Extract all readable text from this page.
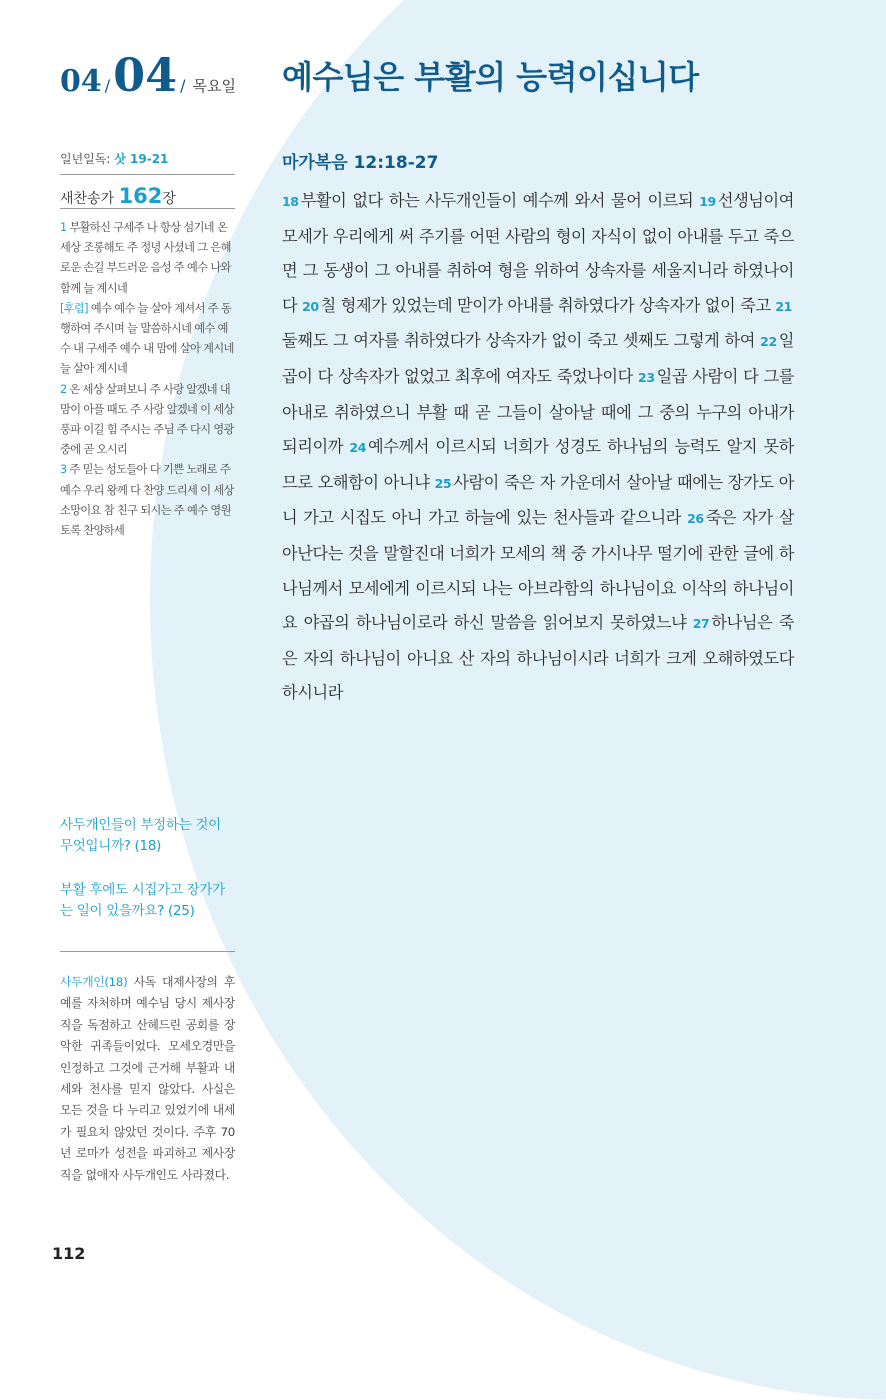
04 / 04 / 목요일 예수님은 부활의 능력이십니다
일년일독: 삿 19-21
새찬송가 162장

1 부활하신 구세주 나 항상 섬기네 온 세상 조롱해도 주 정녕 사셨네 그 은혜로운 손길 부드러운 음성 주 예수 나와 함께 늘 계시네

[후렴] 예수 예수 늘 살아 계셔서 주 동행하여 주시며 늘 말씀하시네 예수 예수 내 구세주 예수 내 맘에 살아 계시네 늘 살아 계시네

2 온 세상 살펴보니 주 사랑 알겠네 내 맘이 아플 때도 주 사랑 알겠네 이 세상 풍파 이길 힘 주시는 주님 주 다시 영광 중에 곧 오시리

3 주 믿는 성도들아 다 기쁜 노래로 주 예수 우리 왕께 다 찬양 드리세 이 세상 소망이요 참 친구 되시는 주 예수 영원토록 찬양하세

사두개인들이 부정하는 것이 무엇입니까? (18)
부활 후에도 시집가고 장가가는 일이 있을까요? (25)
사두개인(18) 사독 대제사장의 후예를 자처하며 예수님 당시 제사장직을 독점하고 산헤드린 공회를 장악한 귀족들이었다. 모세오경만을 인정하고 그것에 근거해 부활과 내세와 천사를 믿지 않았다. 사실은 모든 것을 다 누리고 있었기에 내세가 필요치 않았던 것이다. 주후 70년 로마가 성전을 파괴하고 제사장직을 없애자 사두개인도 사라졌다.
112
마가복음 12:18-27

18 부활이 없다 하는 사두개인들이 예수께 와서 물어 이르되 19 선생님이여 모세가 우리에게 써 주기를 어떤 사람의 형이 자식이 없이 아내를 두고 죽으면 그 동생이 그 아내를 취하여 형을 위하여 상속자를 세울지니라 하였나이다 20 칠 형제가 있었는데 맏이가 아내를 취하였다가 상속자가 없이 죽고 21둘째도 그 여자를 취하였다가 상속자가 없이 죽고 셋째도 그렇게 하여 22 일곱이 다 상속자가 없었고 최후에 여자도 죽었나이다 23 일곱 사람이 다 그를 아내로 취하였으니 부활 때 곧 그들이 살아날 때에 그 중의 누구의 아내가 되리이까 24 예수께서 이르시되 너희가 성경도 하나님의 능력도 알지 못하므로 오해함이 아니냐 25 사람이 죽은 자 가운데서 살아날 때에는 장가도 아니 가고 시집도 아니 가고 하늘에 있는 천사들과 같으니라 26 죽은 자가 살아난다는 것을 말할진대 너희가 모세의 책 중 가시나무 떨기에 관한 글에 하나님께서 모세에게 이르시되 나는 아브라함의 하나님이요 이삭의 하나님이요 야곱의 하나님이로라 하신 말씀을 읽어보지 못하였느냐 27 하나님은 죽은 자의 하나님이 아니요 산 자의 하나님이시라 너희가 크게 오해하였도다 하시니라
